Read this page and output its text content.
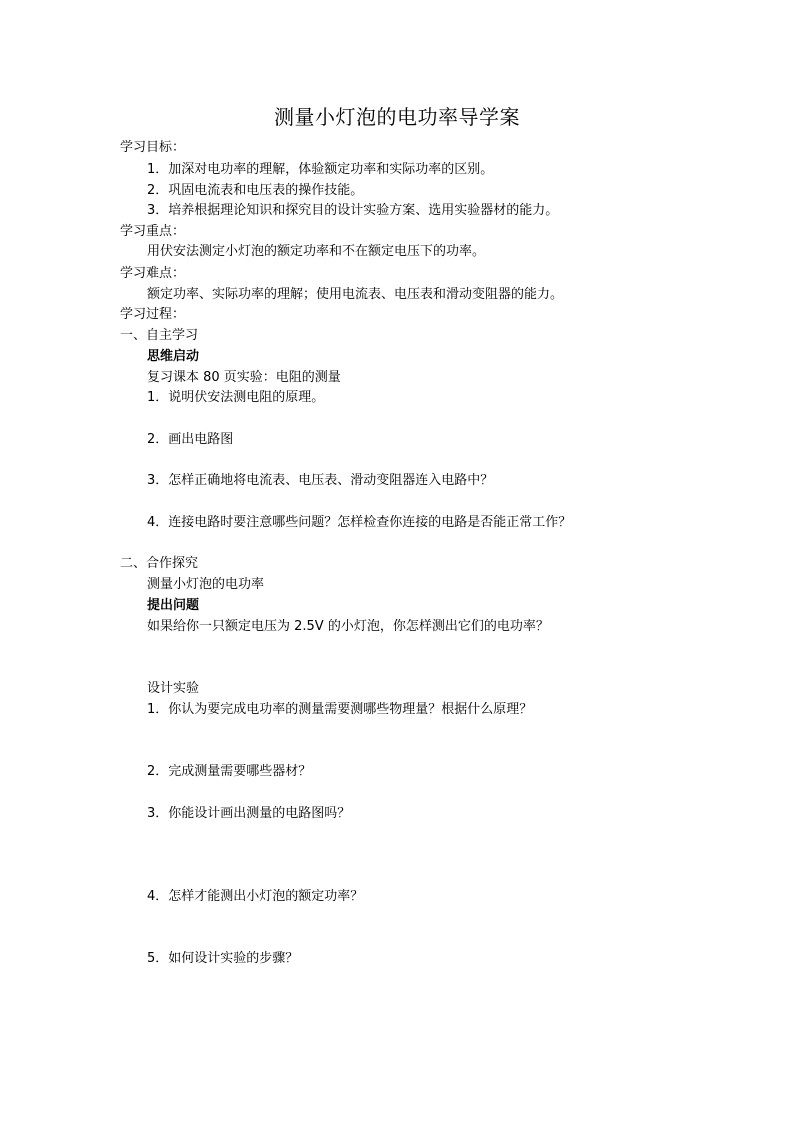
测量小灯泡的电功率导学案
学习目标：
1．加深对电功率的理解，体验额定功率和实际功率的区别。
2．巩固电流表和电压表的操作技能。
3．培养根据理论知识和探究目的设计实验方案、选用实验器材的能力。
学习重点：
用伏安法测定小灯泡的额定功率和不在额定电压下的功率。
学习难点：
额定功率、实际功率的理解；使用电流表、电压表和滑动变阻器的能力。
学习过程：
一、自主学习
思维启动
复习课本 80 页实验：电阻的测量
1．说明伏安法测电阻的原理。
2．画出电路图
3．怎样正确地将电流表、电压表、滑动变阻器连入电路中？
4．连接电路时要注意哪些问题？怎样检查你连接的电路是否能正常工作？
二、合作探究
测量小灯泡的电功率
提出问题
如果给你一只额定电压为 2.5V 的小灯泡，你怎样测出它们的电功率？
设计实验
1．你认为要完成电功率的测量需要测哪些物理量？根据什么原理？
2．完成测量需要哪些器材？
3．你能设计画出测量的电路图吗？
4．怎样才能测出小灯泡的额定功率？
5．如何设计实验的步骤？
